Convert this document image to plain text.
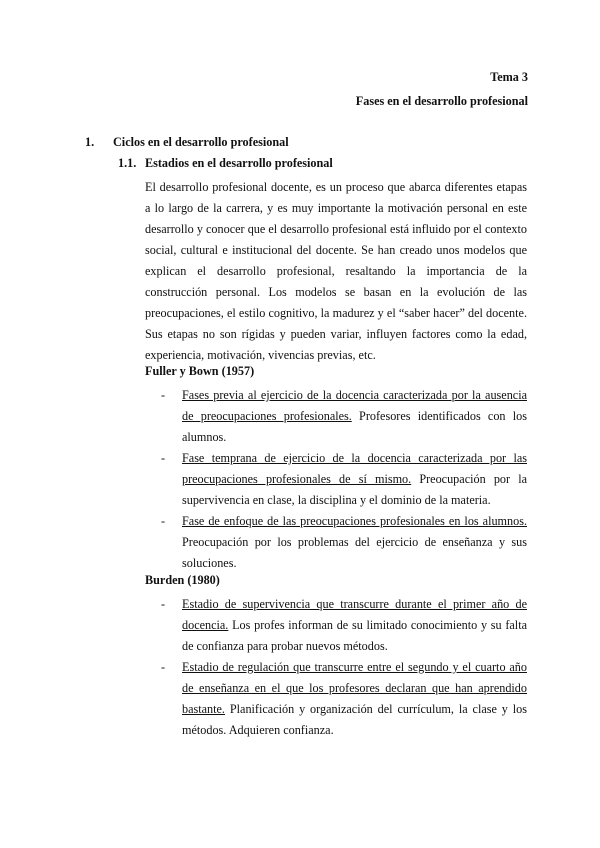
Tema 3
Fases en el desarrollo profesional
1. Ciclos en el desarrollo profesional
1.1. Estadios en el desarrollo profesional

El desarrollo profesional docente, es un proceso que abarca diferentes etapas a lo largo de la carrera, y es muy importante la motivación personal en este desarrollo y conocer que el desarrollo profesional está influido por el contexto social, cultural e institucional del docente. Se han creado unos modelos que explican el desarrollo profesional, resaltando la importancia de la construcción personal. Los modelos se basan en la evolución de las preocupaciones, el estilo cognitivo, la madurez y el “saber hacer” del docente. Sus etapas no son rígidas y pueden variar, influyen factores como la edad, experiencia, motivación, vivencias previas, etc.

Fuller y Bown (1957)
- Fases previa al ejercicio de la docencia caracterizada por la ausencia de preocupaciones profesionales. Profesores identificados con los alumnos.
- Fase temprana de ejercicio de la docencia caracterizada por las preocupaciones profesionales de sí mismo. Preocupación por la supervivencia en clase, la disciplina y el dominio de la materia.
- Fase de enfoque de las preocupaciones profesionales en los alumnos. Preocupación por los problemas del ejercicio de enseñanza y sus soluciones.
Burden (1980)
- Estadio de supervivencia que transcurre durante el primer año de docencia. Los profes informan de su limitado conocimiento y su falta de confianza para probar nuevos métodos.
- Estadio de regulación que transcurre entre el segundo y el cuarto año de enseñanza en el que los profesores declaran que han aprendido bastante. Planificación y organización del currículum, la clase y los métodos. Adquieren confianza.
